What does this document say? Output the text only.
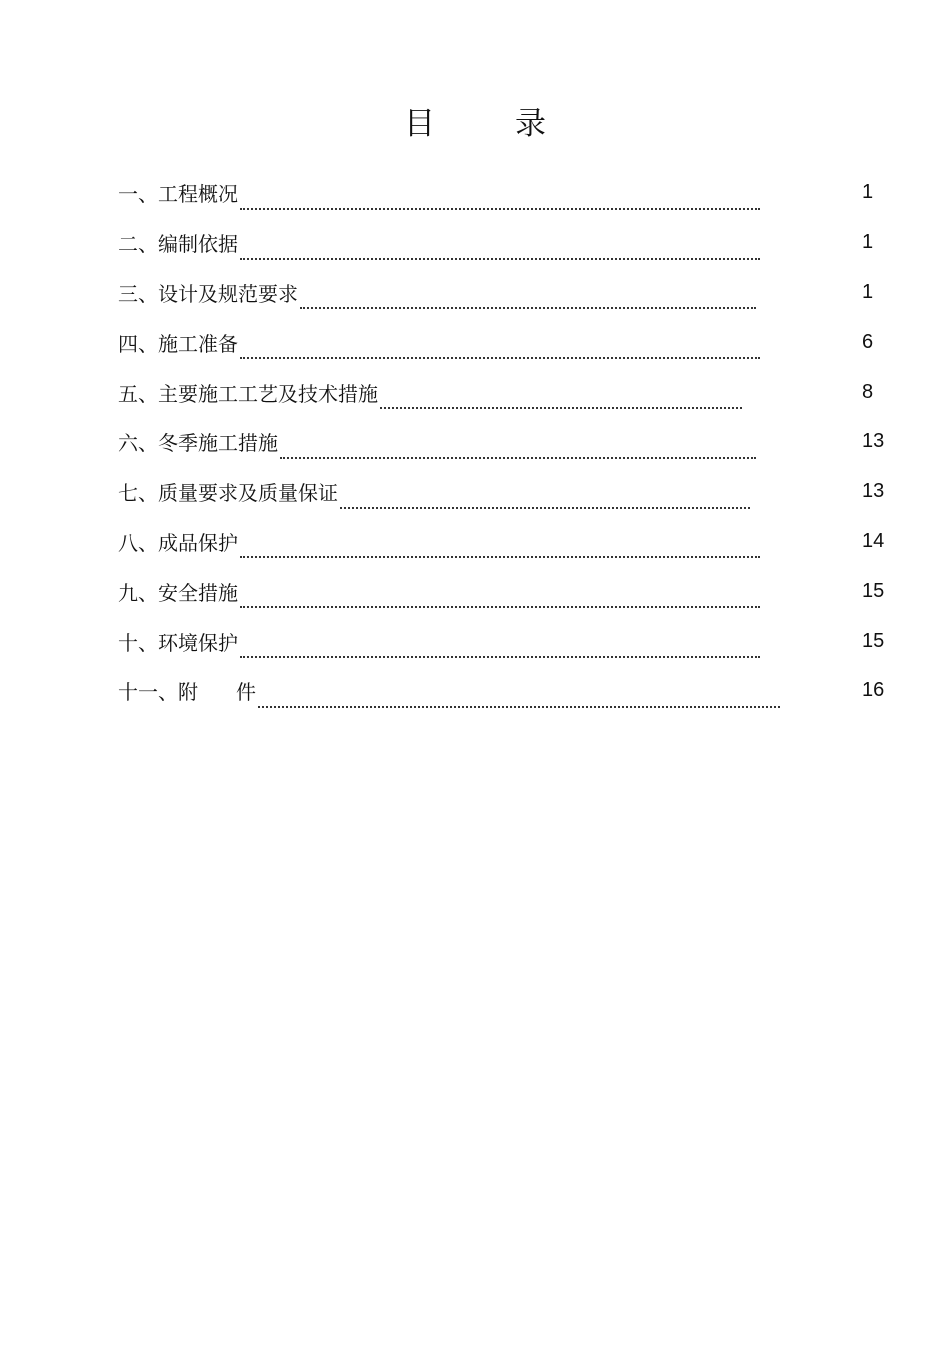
目	录
一、工程概况	1
二、编制依据	1
三、设计及规范要求	1
四、施工准备	6
五、主要施工工艺及技术措施	8
六、冬季施工措施	13
七、质量要求及质量保证	13
八、成品保护	14
九、安全措施	15
十、环境保护	15
十一、附 件	16
